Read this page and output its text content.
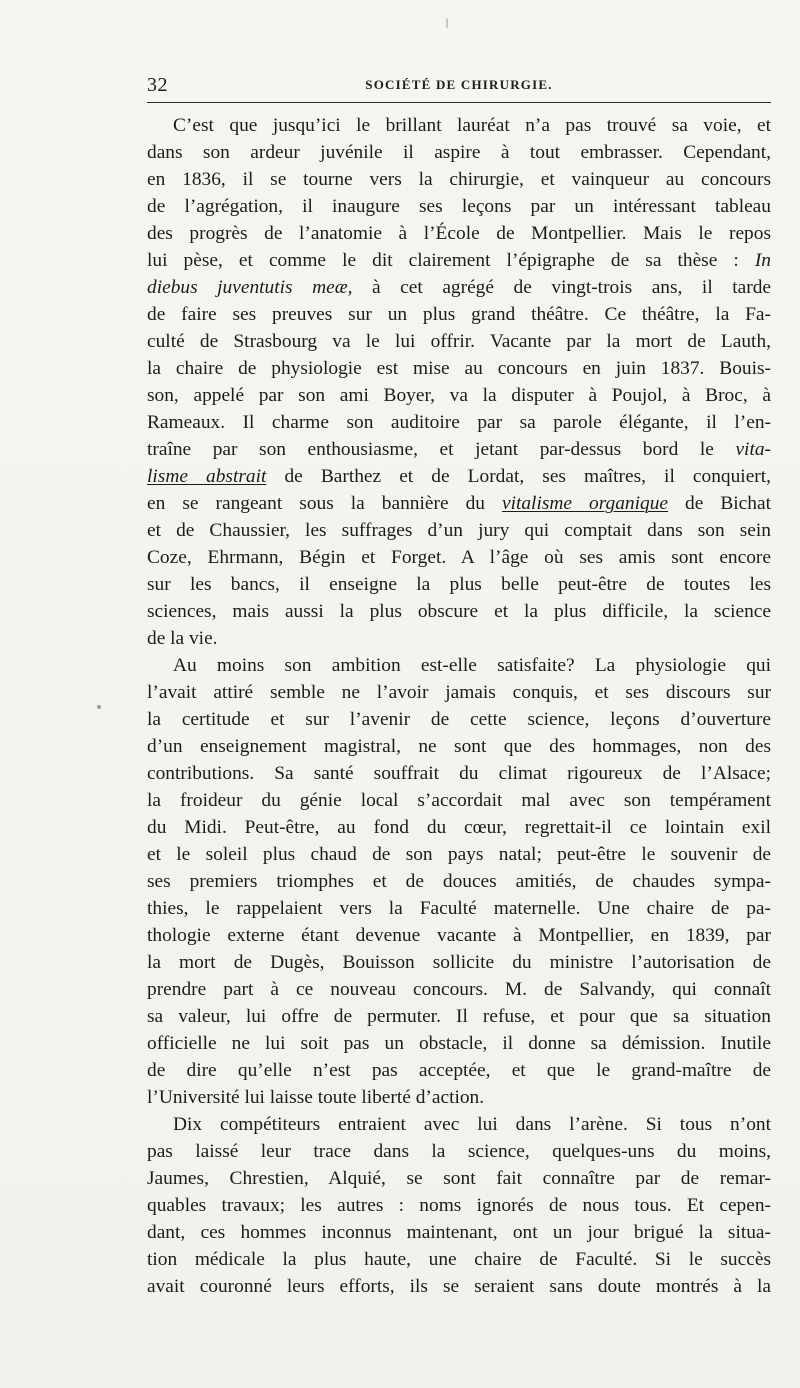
32	SOCIÉTÉ DE CHIRURGIE.
C’est que jusqu’ici le brillant lauréat n’a pas trouvé sa voie, et
dans son ardeur juvénile il aspire à tout embrasser. Cependant,
en 1836, il se tourne vers la chirurgie, et vainqueur au concours
de l’agrégation, il inaugure ses leçons par un intéressant tableau
des progrès de l’anatomie à l’École de Montpellier. Mais le repos
lui pèse, et comme le dit clairement l’épigraphe de sa thèse : In
diebus juventutis meæ, à cet agrégé de vingt-trois ans, il tarde
de faire ses preuves sur un plus grand théâtre. Ce théâtre, la Fa-
culté de Strasbourg va le lui offrir. Vacante par la mort de Lauth,
la chaire de physiologie est mise au concours en juin 1837. Bouis-
son, appelé par son ami Boyer, va la disputer à Poujol, à Broc, à
Rameaux. Il charme son auditoire par sa parole élégante, il l’en-
traîne par son enthousiasme, et jetant par-dessus bord le vita-
lisme abstrait de Barthez et de Lordat, ses maîtres, il conquiert,
en se rangeant sous la bannière du vitalisme organique de Bichat
et de Chaussier, les suffrages d’un jury qui comptait dans son sein
Coze, Ehrmann, Bégin et Forget. A l’âge où ses amis sont encore
sur les bancs, il enseigne la plus belle peut-être de toutes les
sciences, mais aussi la plus obscure et la plus difficile, la science
de la vie.
Au moins son ambition est-elle satisfaite? La physiologie qui
l’avait attiré semble ne l’avoir jamais conquis, et ses discours sur
la certitude et sur l’avenir de cette science, leçons d’ouverture
d’un enseignement magistral, ne sont que des hommages, non des
contributions. Sa santé souffrait du climat rigoureux de l’Alsace;
la froideur du génie local s’accordait mal avec son tempérament
du Midi. Peut-être, au fond du cœur, regrettait-il ce lointain exil
et le soleil plus chaud de son pays natal; peut-être le souvenir de
ses premiers triomphes et de douces amitiés, de chaudes sympa-
thies, le rappelaient vers la Faculté maternelle. Une chaire de pa-
thologie externe étant devenue vacante à Montpellier, en 1839, par
la mort de Dugès, Bouisson sollicite du ministre l’autorisation de
prendre part à ce nouveau concours. M. de Salvandy, qui connaît
sa valeur, lui offre de permuter. Il refuse, et pour que sa situation
officielle ne lui soit pas un obstacle, il donne sa démission. Inutile
de dire qu’elle n’est pas acceptée, et que le grand-maître de
l’Université lui laisse toute liberté d’action.
Dix compétiteurs entraient avec lui dans l’arène. Si tous n’ont
pas laissé leur trace dans la science, quelques-uns du moins,
Jaumes, Chrestien, Alquié, se sont fait connaître par de remar-
quables travaux; les autres : noms ignorés de nous tous. Et cepen-
dant, ces hommes inconnus maintenant, ont un jour brigué la situa-
tion médicale la plus haute, une chaire de Faculté. Si le succès
avait couronné leurs efforts, ils se seraient sans doute montrés à la
